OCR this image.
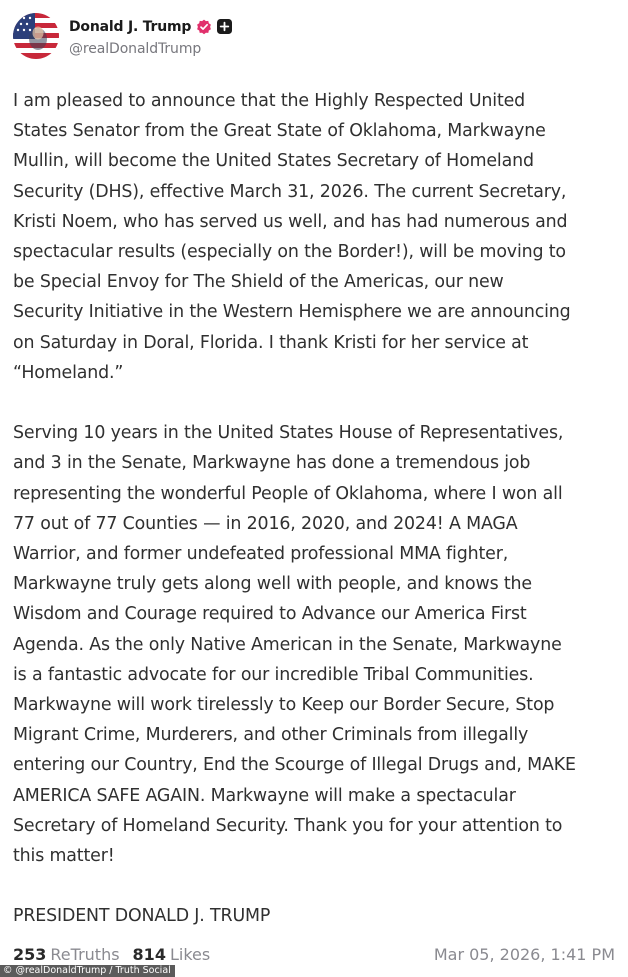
Donald J. Trump
@realDonaldTrump

I am pleased to announce that the Highly Respected United

States Senator from the Great State of Oklahoma, Markwayne

Mullin, will become the United States Secretary of Homeland

Security (DHS), effective March 31, 2026. The current Secretary,

Kristi Noem, who has served us well, and has had numerous and

spectacular results (especially on the Border!), will be moving to

be Special Envoy for The Shield of the Americas, our new

Security Initiative in the Western Hemisphere we are announcing

on Saturday in Doral, Florida. I thank Kristi for her service at

“Homeland.”

Serving 10 years in the United States House of Representatives,

and 3 in the Senate, Markwayne has done a tremendous job

representing the wonderful People of Oklahoma, where I won all

77 out of 77 Counties — in 2016, 2020, and 2024! A MAGA

Warrior, and former undefeated professional MMA fighter,

Markwayne truly gets along well with people, and knows the

Wisdom and Courage required to Advance our America First

Agenda. As the only Native American in the Senate, Markwayne

is a fantastic advocate for our incredible Tribal Communities.

Markwayne will work tirelessly to Keep our Border Secure, Stop

Migrant Crime, Murderers, and other Criminals from illegally

entering our Country, End the Scourge of Illegal Drugs and, MAKE

AMERICA SAFE AGAIN. Markwayne will make a spectacular

Secretary of Homeland Security. Thank you for your attention to

this matter!

PRESIDENT DONALD J. TRUMP

253 ReTruths 814 Likes	Mar 05, 2026, 1:41 PM
© @realDonaldTrump / Truth Social
